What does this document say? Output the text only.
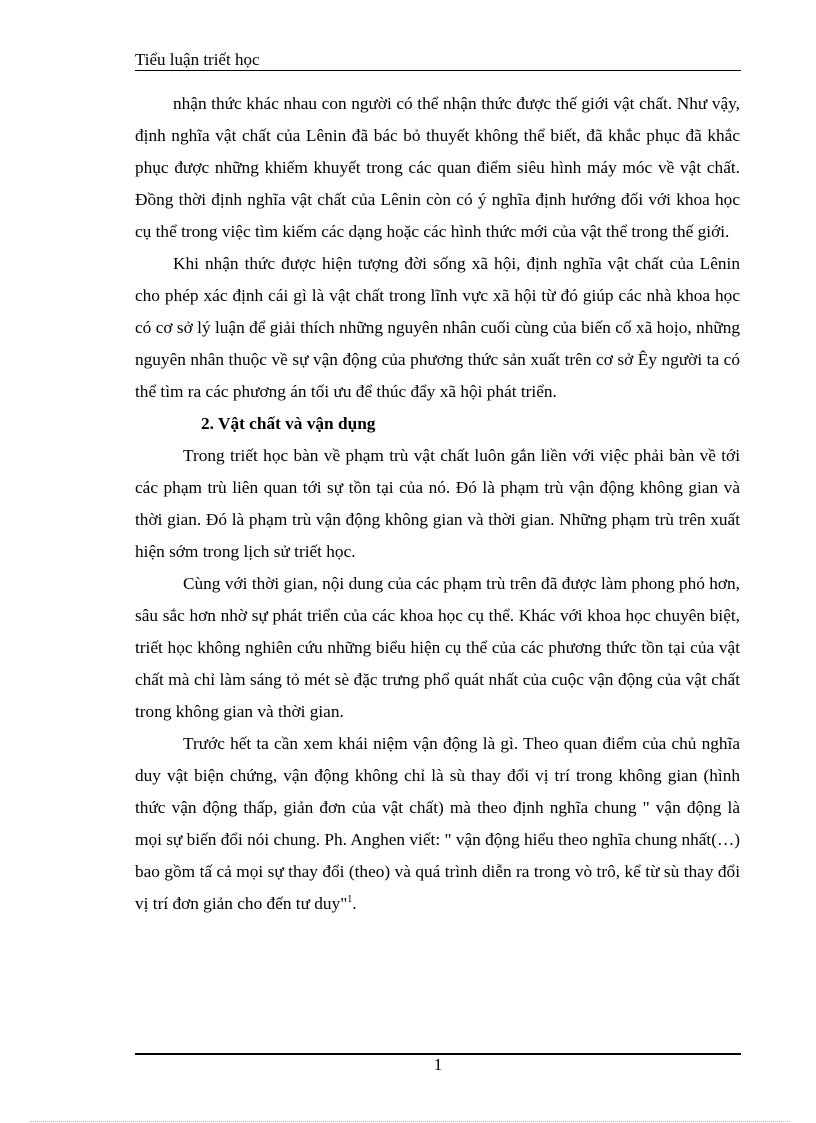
Tiểu luận triết học

nhận thức khác nhau con người có thể nhận thức được thế giới vật chất. Như vậy, định nghĩa vật chất của Lênin đã bác bỏ thuyết không thể biết, đã khắc phục đã khắc phục được những khiếm khuyết trong các quan điểm siêu hình máy móc về vật chất. Đồng thời định nghĩa vật chất của Lênin còn có ý nghĩa định hướng đối với khoa học cụ thể trong việc tìm kiếm các dạng hoặc các hình thức mới của vật thể trong thế giới.

Khi nhận thức được hiện tượng đời sống xã hội, định nghĩa vật chất của Lênin cho phép xác định cái gì là vật chất trong lĩnh vực xã hội từ đó giúp các nhà khoa học có cơ sở lý luận để giải thích những nguyên nhân cuối cùng của biến cố xã hoịo, những nguyên nhân thuộc về sự vận động của phương thức sản xuất trên cơ sở Êy người ta có thể tìm ra các phương án tối ưu để thúc đẩy xã hội phát triển.

2. Vật chất và vận dụng

Trong triết học bàn về phạm trù vật chất luôn gắn liền với việc phải bàn về tới các phạm trù liên quan tới sự tồn tại của nó. Đó là phạm trù vận động không gian và thời gian. Đó là phạm trù vận động không gian và thời gian. Những phạm trù trên xuất hiện sớm trong lịch sử triết học.

Cùng với thời gian, nội dung của các phạm trù trên đã được làm phong phó hơn, sâu sắc hơn nhờ sự phát triển của các khoa học cụ thể. Khác với khoa học chuyên biệt, triết học không nghiên cứu những biểu hiện cụ thể của các phương thức tồn tại của vật chất mà chỉ làm sáng tỏ mét sè đặc trưng phổ quát nhất của cuộc vận động của vật chất trong không gian và thời gian.

Trước hết ta cần xem khái niệm vận động là gì. Theo quan điểm của chủ nghĩa duy vật biện chứng, vận động không chỉ là sù thay đổi vị trí trong không gian (hình thức vận động thấp, giản đơn của vật chất) mà theo định nghĩa chung " vận động là mọi sự biến đổi nói chung. Ph. Anghen viết: " vận động hiểu theo nghĩa chung nhất(…) bao gồm tấ cả mọi sự thay đổi (theo) và quá trình diễn ra trong vò trô, kể từ sù thay đổi vị trí đơn giản cho đến tư duy"$^1$.

1
